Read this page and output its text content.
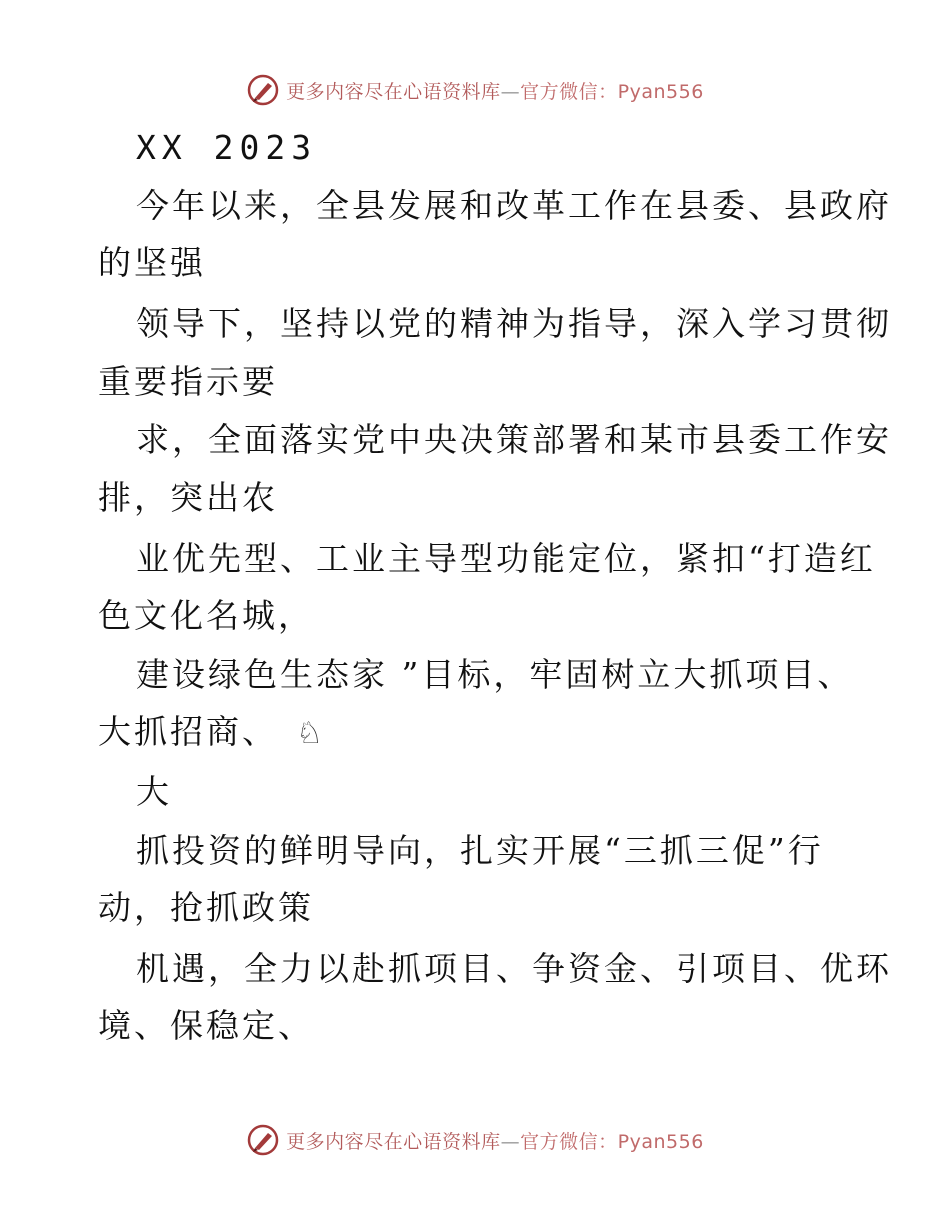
更多内容尽在心语资料库—官方微信：Pyan556
XX 2023
今年以来，全县发展和改革工作在县委、县政府
的坚强
领导下，坚持以党的精神为指导，深入学习贯彻
重要指示要
求，全面落实党中央决策部署和某市县委工作安
排，突出农
业优先型、工业主导型功能定位，紧扣“打造红
色文化名城，
建设绿色生态家 ”目标，牢固树立大抓项目、
大抓招商、 ♘
大
抓投资的鲜明导向，扎实开展“三抓三促”行
动，抢抓政策
机遇，全力以赴抓项目、争资金、引项目、优环
境、保稳定、
更多内容尽在心语资料库—官方微信：Pyan556
